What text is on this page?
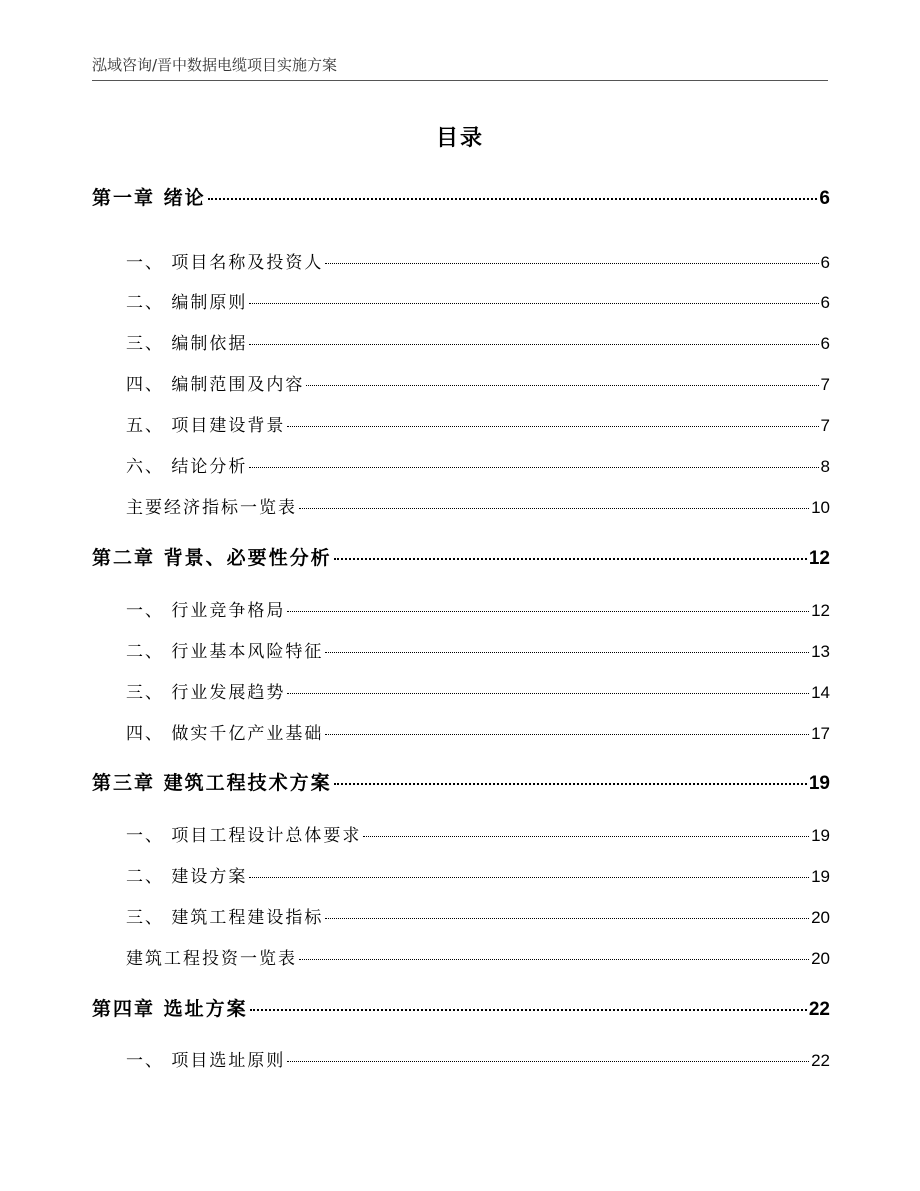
泓域咨询/晋中数据电缆项目实施方案
目录
第一章 绪论	6
一、 项目名称及投资人	6
二、 编制原则	6
三、 编制依据	6
四、 编制范围及内容	7
五、 项目建设背景	7
六、 结论分析	8
主要经济指标一览表	10
第二章 背景、必要性分析	12
一、 行业竞争格局	12
二、 行业基本风险特征	13
三、 行业发展趋势	14
四、 做实千亿产业基础	17
第三章 建筑工程技术方案	19
一、 项目工程设计总体要求	19
二、 建设方案	19
三、 建筑工程建设指标	20
建筑工程投资一览表	20
第四章 选址方案	22
一、 项目选址原则	22
